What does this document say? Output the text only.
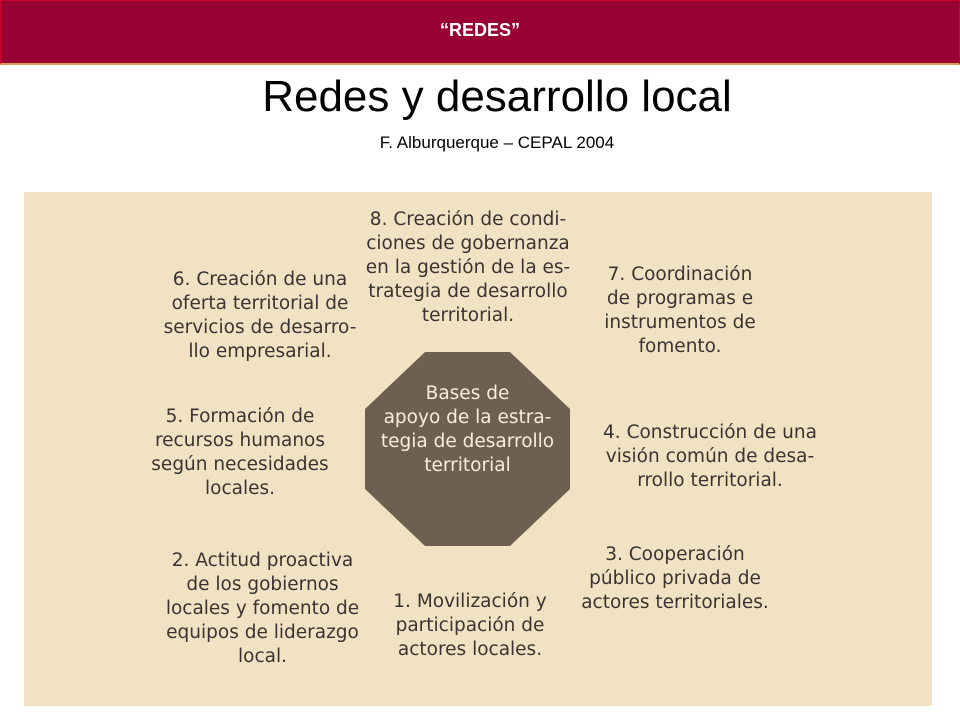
“REDES”
Redes y desarrollo local
F. Alburquerque – CEPAL 2004
Bases de
apoyo de la estra-
tegia de desarrollo
territorial
8. Creación de condi-
ciones de gobernanza
en la gestión de la es-
trategia de desarrollo
territorial.
7. Coordinación
de programas e
instrumentos de
fomento.
6. Creación de una
oferta territorial de
servicios de desarro-
llo empresarial.
5. Formación de
recursos humanos
según necesidades
locales.
4. Construcción de una
visión común de desa-
rrollo territorial.
3. Cooperación
público privada de
actores territoriales.
2. Actitud proactiva
de los gobiernos
locales y fomento de
equipos de liderazgo
local.
1. Movilización y
participación de
actores locales.
